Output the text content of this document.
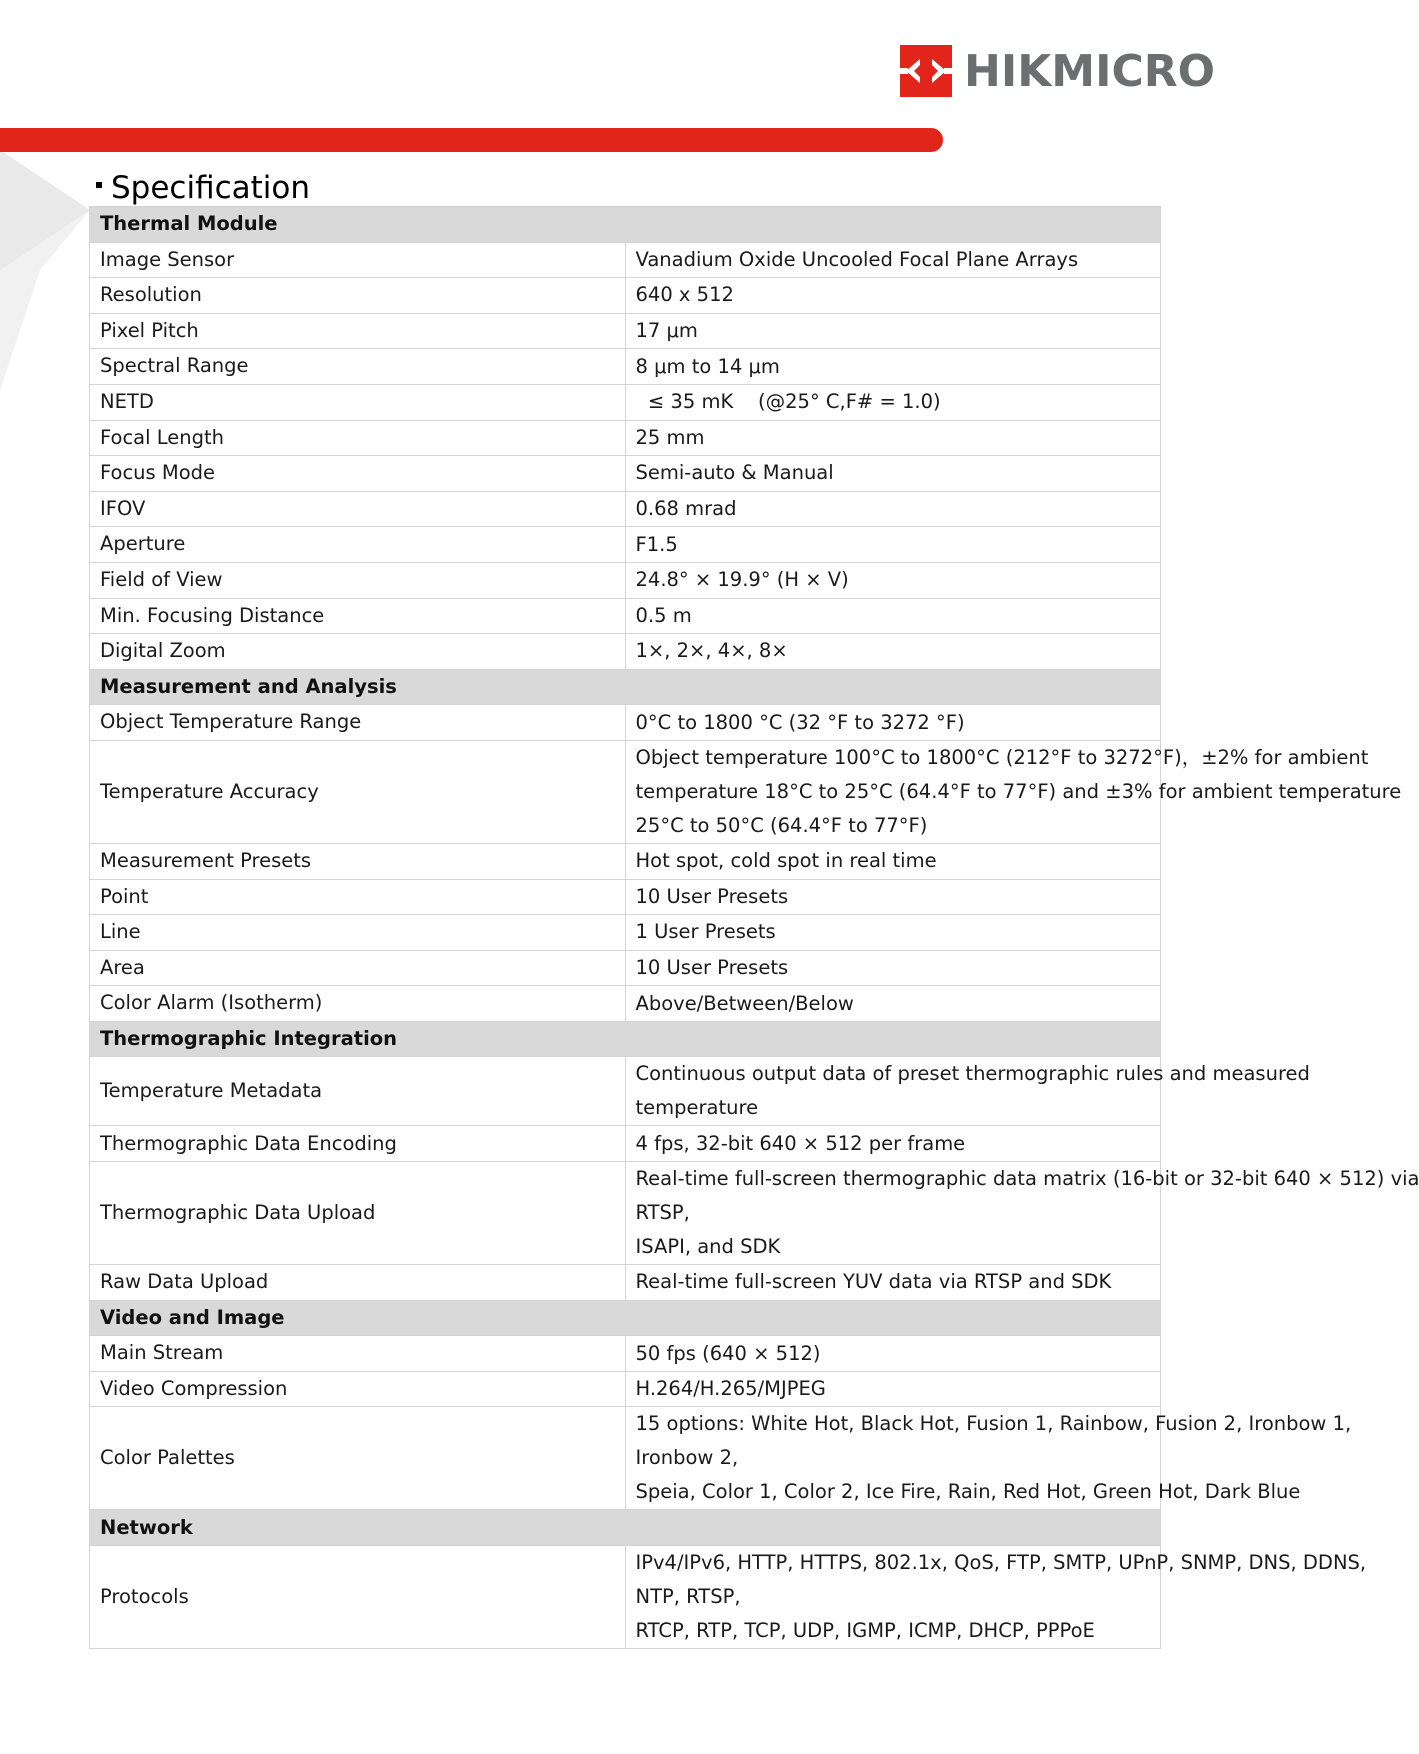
HIKMICRO
Specification
Thermal Module	
Image Sensor	Vanadium Oxide Uncooled Focal Plane Arrays

Resolution	640 x 512

Pixel Pitch	17 μm

Spectral Range	8 μm to 14 μm

NETD	≤ 35 mK    (@25° C,F# = 1.0)

Focal Length	25 mm

Focus Mode	Semi-auto & Manual

IFOV	0.68 mrad

Aperture	F1.5

Field of View	24.8° × 19.9° (H × V)

Min. Focusing Distance	0.5 m

Digital Zoom	1×, 2×, 4×, 8×

Measurement and Analysis	
Object Temperature Range	0°C to 1800 °C (32 °F to 3272 °F)

Temperature Accuracy	Object temperature 100°C to 1800°C (212°F to 3272°F)，±2% for ambient
temperature 18°C to 25°C (64.4°F to 77°F) and ±3% for ambient temperature
25°C to 50°C (64.4°F to 77°F)

Measurement Presets	Hot spot, cold spot in real time

Point	10 User Presets

Line	1 User Presets

Area	10 User Presets

Color Alarm (Isotherm)	Above/Between/Below

Thermographic Integration	
Temperature Metadata	Continuous output data of preset thermographic rules and measured
temperature

Thermographic Data Encoding	4 fps, 32-bit 640 × 512 per frame

Thermographic Data Upload	Real-time full-screen thermographic data matrix (16-bit or 32-bit 640 × 512) via
RTSP,
ISAPI, and SDK

Raw Data Upload	Real-time full-screen YUV data via RTSP and SDK

Video and Image	
Main Stream	50 fps (640 × 512)

Video Compression	H.264/H.265/MJPEG

Color Palettes	15 options: White Hot, Black Hot, Fusion 1, Rainbow, Fusion 2, Ironbow 1,
Ironbow 2,
Speia, Color 1, Color 2, Ice Fire, Rain, Red Hot, Green Hot, Dark Blue

Network	
Protocols	IPv4/IPv6, HTTP, HTTPS, 802.1x, QoS, FTP, SMTP, UPnP, SNMP, DNS, DDNS,
NTP, RTSP,
RTCP, RTP, TCP, UDP, IGMP, ICMP, DHCP, PPPoE
